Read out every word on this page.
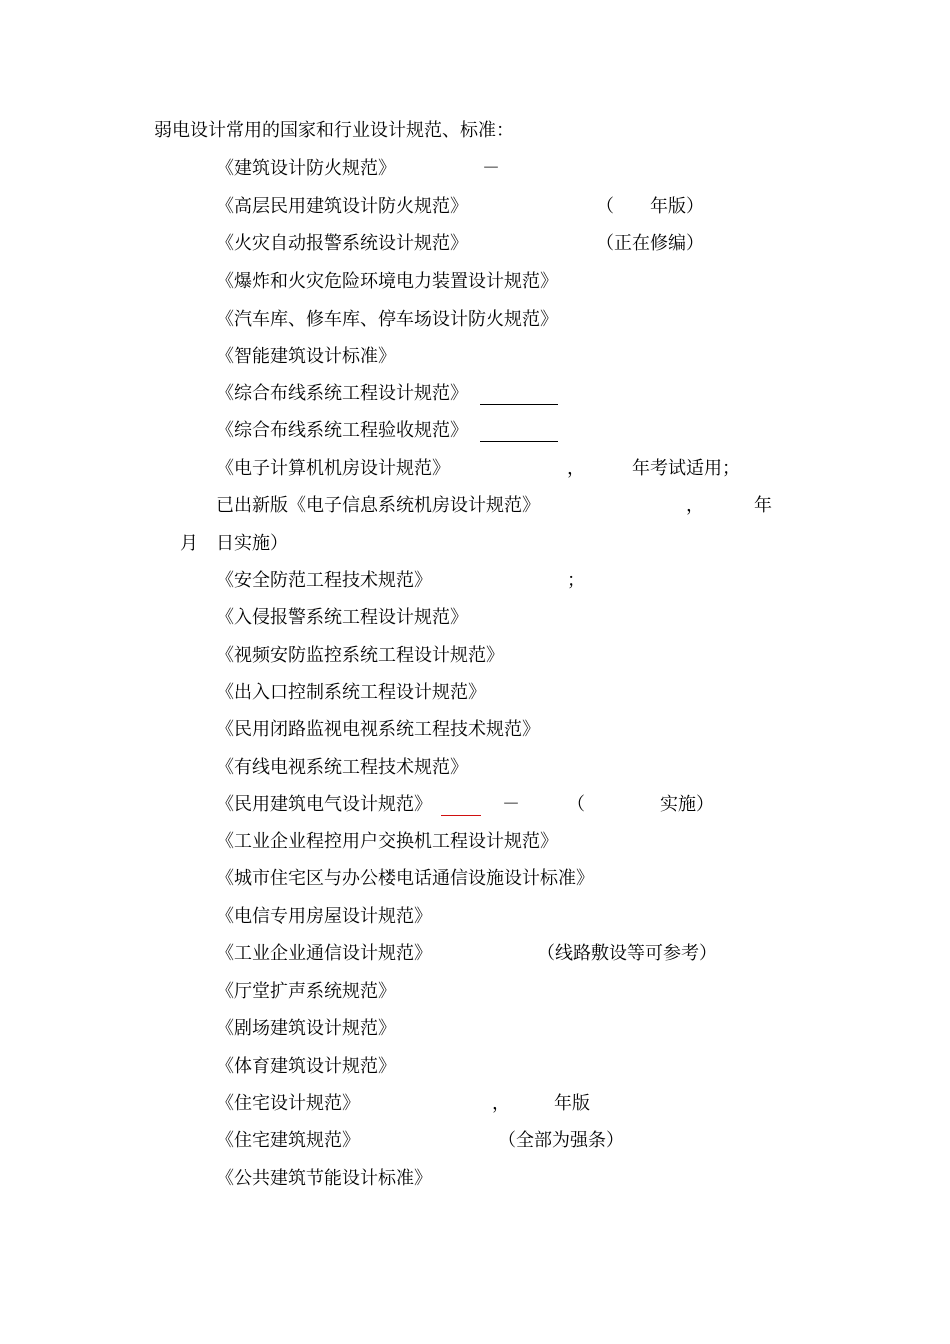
弱电设计常用的国家和行业设计规范、标准：
《建筑设计防火规范》	－
《高层民用建筑设计防火规范》	（ 年版）
《火灾自动报警系统设计规范》	（正在修编）
《爆炸和火灾危险环境电力装置设计规范》
《汽车库、修车库、停车场设计防火规范》
《智能建筑设计标准》
《综合布线系统工程设计规范》
《综合布线系统工程验收规范》
《电子计算机机房设计规范》	，	年考试适用；
已出新版《电子信息系统机房设计规范》	，	年
月 日实施）
《安全防范工程技术规范》	；
《入侵报警系统工程设计规范》
《视频安防监控系统工程设计规范》
《出入口控制系统工程设计规范》
《民用闭路监视电视系统工程技术规范》
《有线电视系统工程技术规范》
《民用建筑电气设计规范》	－	（	实施）
《工业企业程控用户交换机工程设计规范》
《城市住宅区与办公楼电话通信设施设计标准》
《电信专用房屋设计规范》
《工业企业通信设计规范》	（线路敷设等可参考）
《厅堂扩声系统规范》
《剧场建筑设计规范》
《体育建筑设计规范》
《住宅设计规范》	， 年版
《住宅建筑规范》	（全部为强条）
《公共建筑节能设计标准》
